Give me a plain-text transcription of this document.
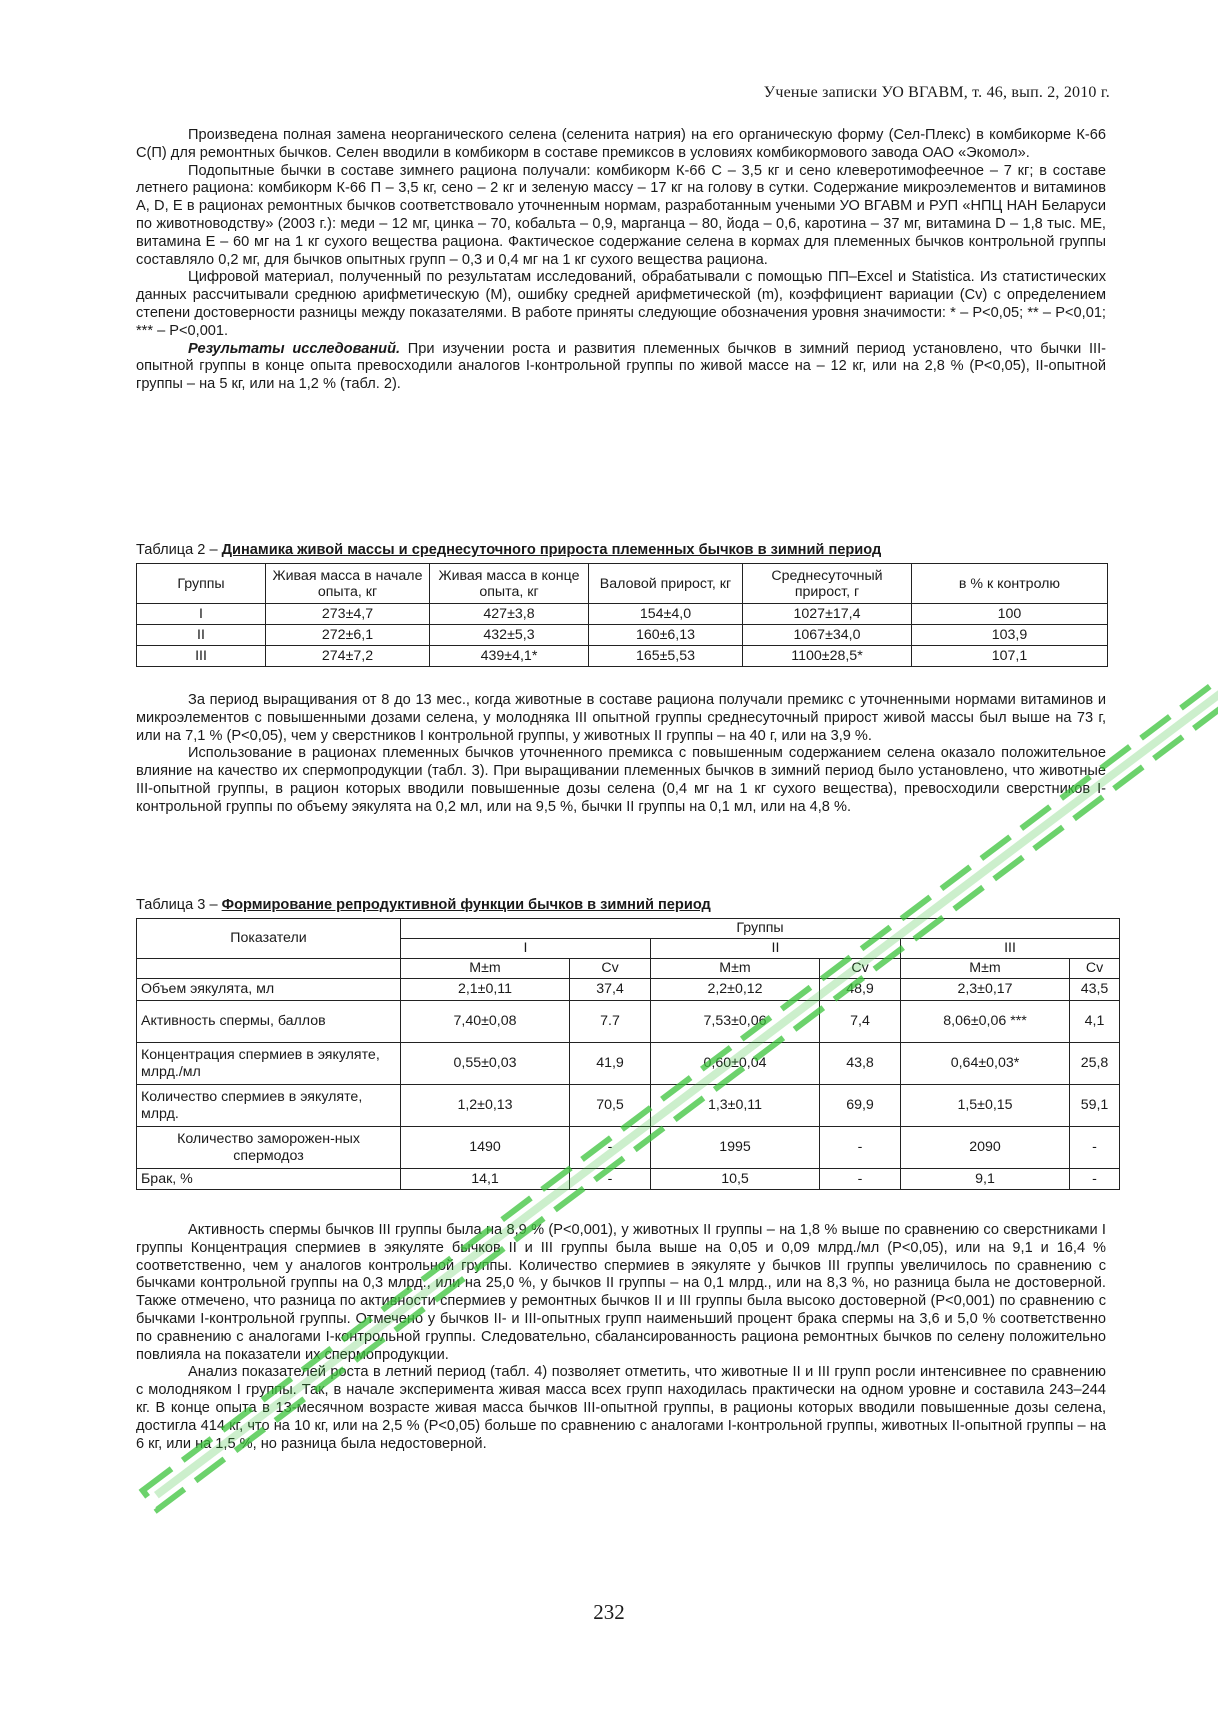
Ученые записки УО ВГАВМ, т. 46, вып. 2, 2010 г.

Произведена полная замена неорганического селена (селенита натрия) на его органическую форму (Сел-Плекс) в комбикорме К-66 С(П) для ремонтных бычков. Селен вводили в комбикорм в составе премиксов в условиях комбикормового завода ОАО «Экомол».

Подопытные бычки в составе зимнего рациона получали: комбикорм К-66 С – 3,5 кг и сено клеверотимофеечное – 7 кг; в составе летнего рациона: комбикорм К-66 П – 3,5 кг, сено – 2 кг и зеленую массу – 17 кг на голову в сутки. Содержание микроэлементов и витаминов А, D, Е в рационах ремонтных бычков соответствовало уточненным нормам, разработанным учеными УО ВГАВМ и РУП «НПЦ НАН Беларуси по животноводству» (2003 г.): меди – 12 мг, цинка – 70, кобальта – 0,9, марганца – 80, йода – 0,6, каротина – 37 мг, витамина D – 1,8 тыс. МЕ, витамина Е – 60 мг на 1 кг сухого вещества рациона. Фактическое содержание селена в кормах для племенных бычков контрольной группы составляло 0,2 мг, для бычков опытных групп – 0,3 и 0,4 мг на 1 кг сухого вещества рациона.

Цифровой материал, полученный по результатам исследований, обрабатывали с помощью ПП–Excel и Statistica. Из статистических данных рассчитывали среднюю арифметическую (М), ошибку средней арифметической (m), коэффициент вариации (Cv) с определением степени достоверности разницы между показателями. В работе приняты следующие обозначения уровня значимости: * – Р<0,05; ** – Р<0,01; *** – Р<0,001.

Результаты исследований. При изучении роста и развития племенных бычков в зимний период установлено, что бычки III-опытной группы в конце опыта превосходили аналогов I-контрольной группы по живой массе на – 12 кг, или на 2,8 % (Р<0,05), II-опытной группы – на 5 кг, или на 1,2 % (табл. 2).

Таблица 2 – Динамика живой массы и среднесуточного прироста племенных бычков в зимний период
Группы	Живая масса в начале опыта, кг	Живая масса в конце опыта, кг	Валовой прирост, кг	Среднесуточный прирост, г	в % к контролю
I	273±4,7	427±3,8	154±4,0	1027±17,4	100
II	272±6,1	432±5,3	160±6,13	1067±34,0	103,9
III	274±7,2	439±4,1*	165±5,53	1100±28,5*	107,1

За период выращивания от 8 до 13 мес., когда животные в составе рациона получали премикс с уточненными нормами витаминов и микроэлементов с повышенными дозами селена, у молодняка III опытной группы среднесуточный прирост живой массы был выше на 73 г, или на 7,1 % (Р<0,05), чем у сверстников I контрольной группы, у животных II группы – на 40 г, или на 3,9 %.

Использование в рационах племенных бычков уточненного премикса с повышенным содержанием селена оказало положительное влияние на качество их спермопродукции (табл. 3). При выращивании племенных бычков в зимний период было установлено, что животные III-опытной группы, в рацион которых вводили повышенные дозы селена (0,4 мг на 1 кг сухого вещества), превосходили сверстников I-контрольной группы по объему эякулята на 0,2 мл, или на 9,5 %, бычки II группы на 0,1 мл, или на 4,8 %.

Таблица 3 – Формирование репродуктивной функции бычков в зимний период
Показатели	Группы					
	I		II		III	
	M±m	Cv	M±m	Cv	M±m	Cv
Объем эякулята, мл	2,1±0,11	37,4	2,2±0,12	48,9	2,3±0,17	43,5
Активность спермы, баллов	7,40±0,08	7.7	7,53±0,06	7,4	8,06±0,06 ***	4,1
Концентрация спермиев в эякуляте, млрд./мл	0,55±0,03	41,9	0,60±0,04	43,8	0,64±0,03*	25,8
Количество спермиев в эякуляте, млрд.	1,2±0,13	70,5	1,3±0,11	69,9	1,5±0,15	59,1
Количество заморожен-ных спермодоз	1490	-	1995	-	2090	-
Брак, %	14,1	-	10,5	-	9,1	-

Активность спермы бычков III группы была на 8,9 % (Р<0,001), у животных II группы – на 1,8 % выше по сравнению со сверстниками I группы Концентрация спермиев в эякуляте бычков II и III группы была выше на 0,05 и 0,09 млрд./мл (Р<0,05), или на 9,1 и 16,4 % соответственно, чем у аналогов контрольной группы. Количество спермиев в эякуляте у бычков III группы увеличилось по сравнению с бычками контрольной группы на 0,3 млрд., или на 25,0 %, у бычков II группы – на 0,1 млрд., или на 8,3 %, но разница была не достоверной. Также отмечено, что разница по активности спермиев у ремонтных бычков II и III группы была высоко достоверной (Р<0,001) по сравнению с бычками I-контрольной группы. Отмечено у бычков II- и III-опытных групп наименьший процент брака спермы на 3,6 и 5,0 % соответственно по сравнению с аналогами I-контрольной группы. Следовательно, сбалансированность рациона ремонтных бычков по селену положительно повлияла на показатели их спермопродукции.

Анализ показателей роста в летний период (табл. 4) позволяет отметить, что животные II и III групп росли интенсивнее по сравнению с молодняком I группы. Так, в начале эксперимента живая масса всех групп находилась практически на одном уровне и составила 243–244 кг. В конце опыта в 13-месячном возрасте живая масса бычков III-опытной группы, в рационы которых вводили повышенные дозы селена, достигла 414 кг, что на 10 кг, или на 2,5 % (Р<0,05) больше по сравнению с аналогами I-контрольной группы, животных II-опытной группы – на 6 кг, или на 1,5 %, но разница была недостоверной.

232
